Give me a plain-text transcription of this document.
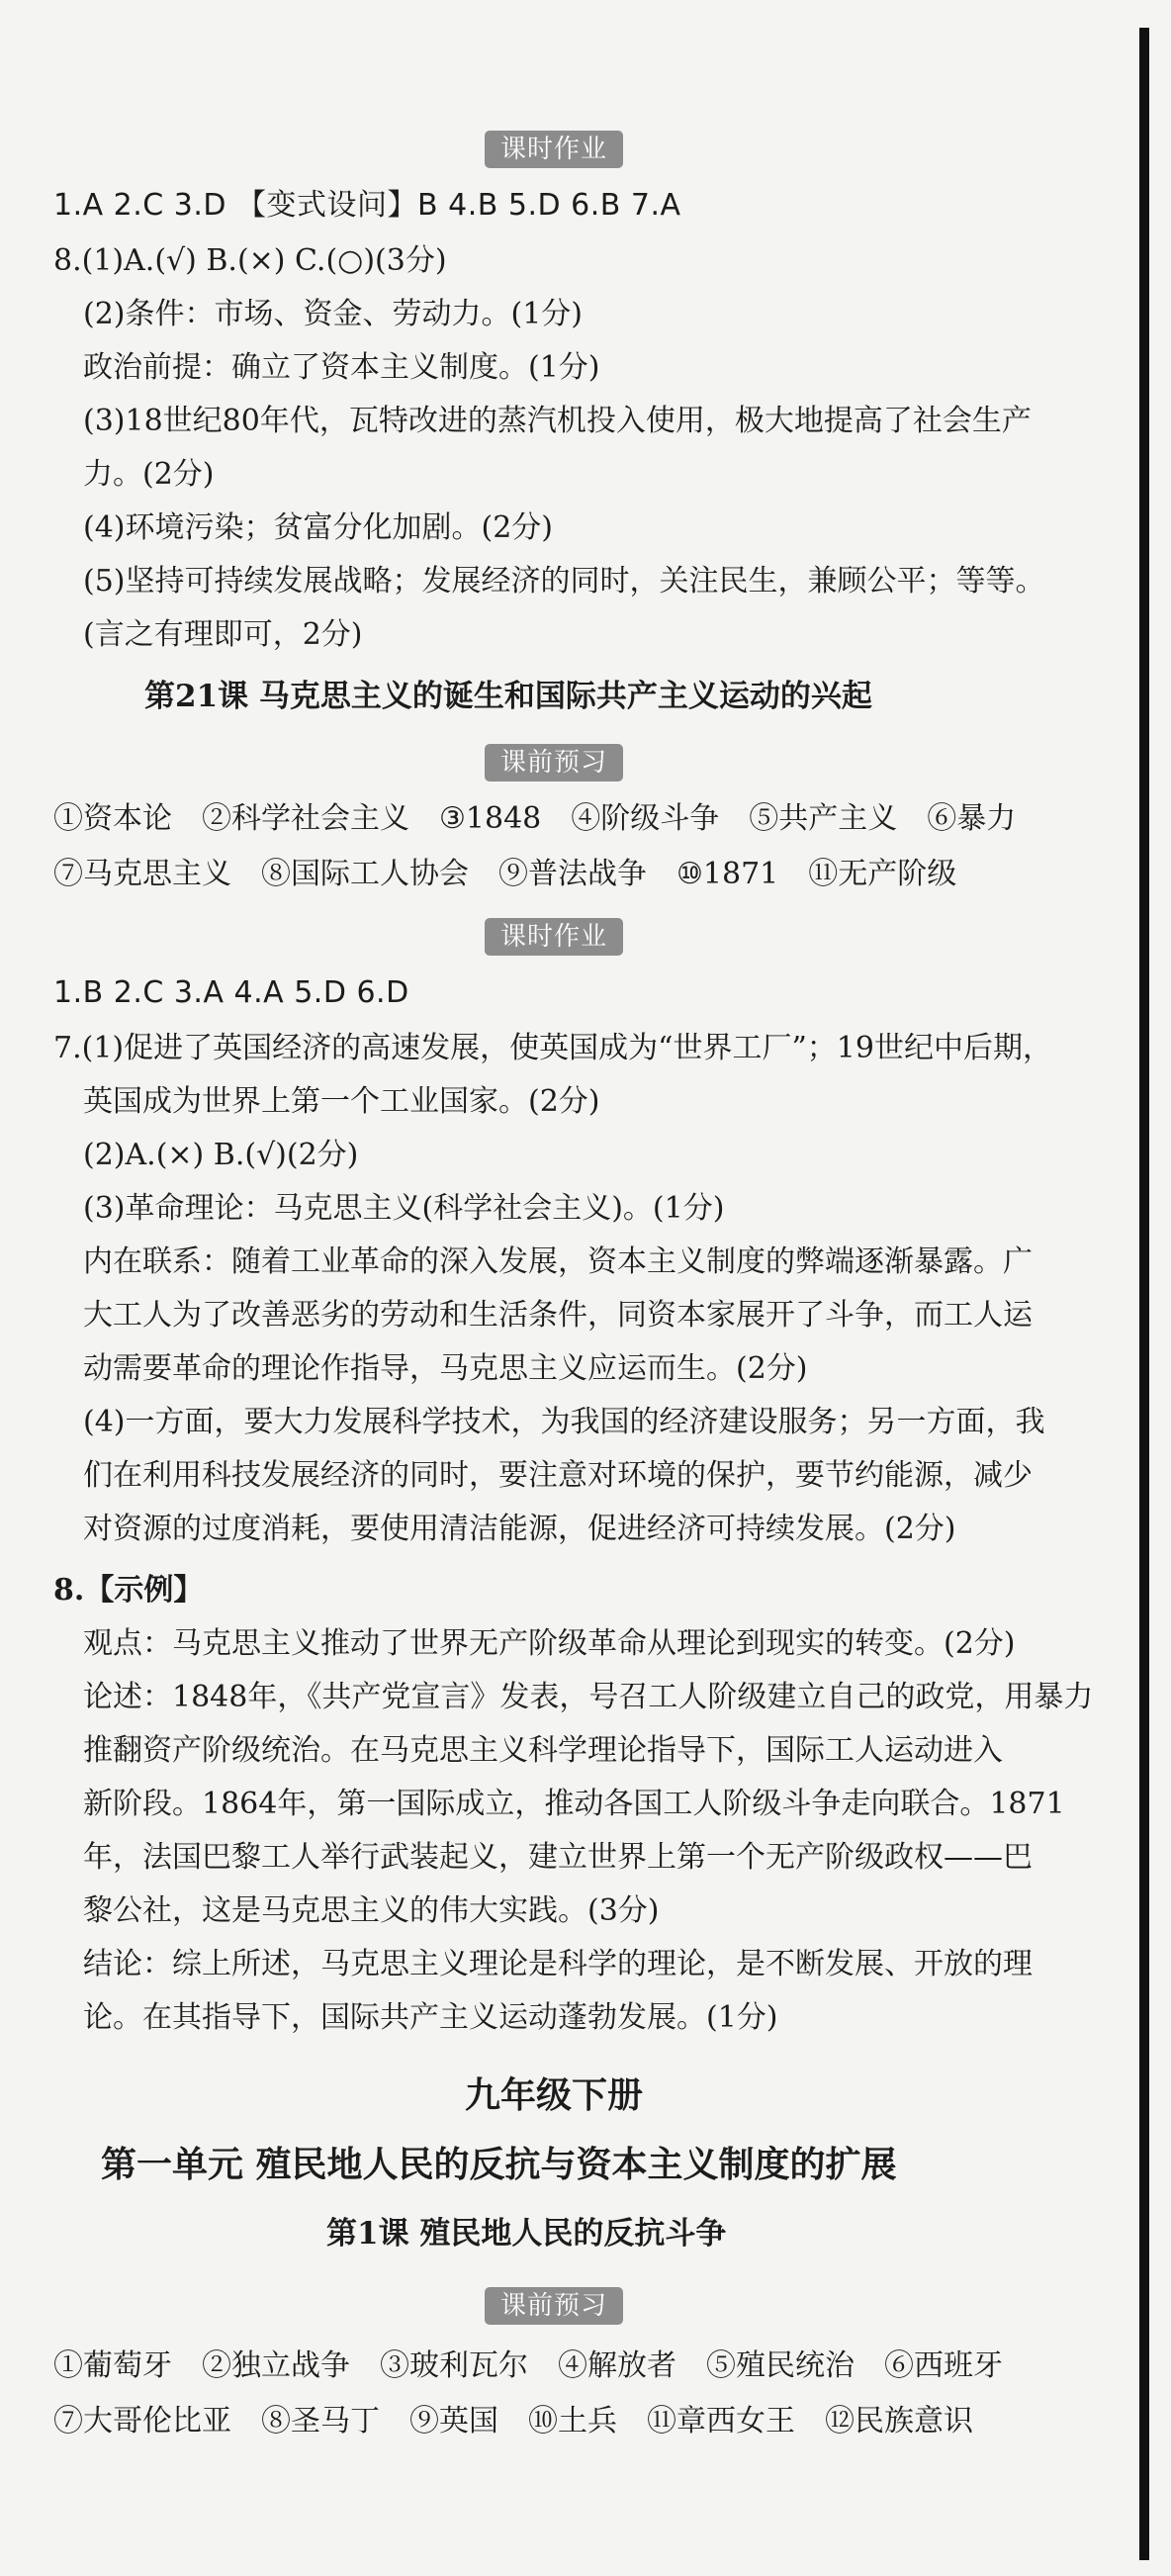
课时作业
1.A 2.C 3.D 【变式设问】B 4.B 5.D 6.B 7.A
8.(1)A.(√) B.(×) C.(○)(3分)
(2)条件：市场、资金、劳动力。(1分)
政治前提：确立了资本主义制度。(1分)
(3)18世纪80年代，瓦特改进的蒸汽机投入使用，极大地提高了社会生产
力。(2分)
(4)环境污染；贫富分化加剧。(2分)
(5)坚持可持续发展战略；发展经济的同时，关注民生，兼顾公平；等等。
(言之有理即可，2分)
第21课 马克思主义的诞生和国际共产主义运动的兴起
课前预习
①资本论 ②科学社会主义 ③1848 ④阶级斗争 ⑤共产主义 ⑥暴力
⑦马克思主义 ⑧国际工人协会 ⑨普法战争 ⑩1871 ⑪无产阶级
课时作业
1.B 2.C 3.A 4.A 5.D 6.D
7.(1)促进了英国经济的高速发展，使英国成为“世界工厂”；19世纪中后期，
英国成为世界上第一个工业国家。(2分)
(2)A.(×) B.(√)(2分)
(3)革命理论：马克思主义(科学社会主义)。(1分)
内在联系：随着工业革命的深入发展，资本主义制度的弊端逐渐暴露。广
大工人为了改善恶劣的劳动和生活条件，同资本家展开了斗争，而工人运
动需要革命的理论作指导，马克思主义应运而生。(2分)
(4)一方面，要大力发展科学技术，为我国的经济建设服务；另一方面，我
们在利用科技发展经济的同时，要注意对环境的保护，要节约能源，减少
对资源的过度消耗，要使用清洁能源，促进经济可持续发展。(2分)
8.【示例】
观点：马克思主义推动了世界无产阶级革命从理论到现实的转变。(2分)
论述：1848年，《共产党宣言》发表，号召工人阶级建立自己的政党，用暴力
推翻资产阶级统治。在马克思主义科学理论指导下，国际工人运动进入
新阶段。1864年，第一国际成立，推动各国工人阶级斗争走向联合。1871
年，法国巴黎工人举行武装起义，建立世界上第一个无产阶级政权——巴
黎公社，这是马克思主义的伟大实践。(3分)
结论：综上所述，马克思主义理论是科学的理论，是不断发展、开放的理
论。在其指导下，国际共产主义运动蓬勃发展。(1分)
九年级下册
第一单元 殖民地人民的反抗与资本主义制度的扩展
第1课 殖民地人民的反抗斗争
课前预习
①葡萄牙 ②独立战争 ③玻利瓦尔 ④解放者 ⑤殖民统治 ⑥西班牙
⑦大哥伦比亚 ⑧圣马丁 ⑨英国 ⑩土兵 ⑪章西女王 ⑫民族意识
